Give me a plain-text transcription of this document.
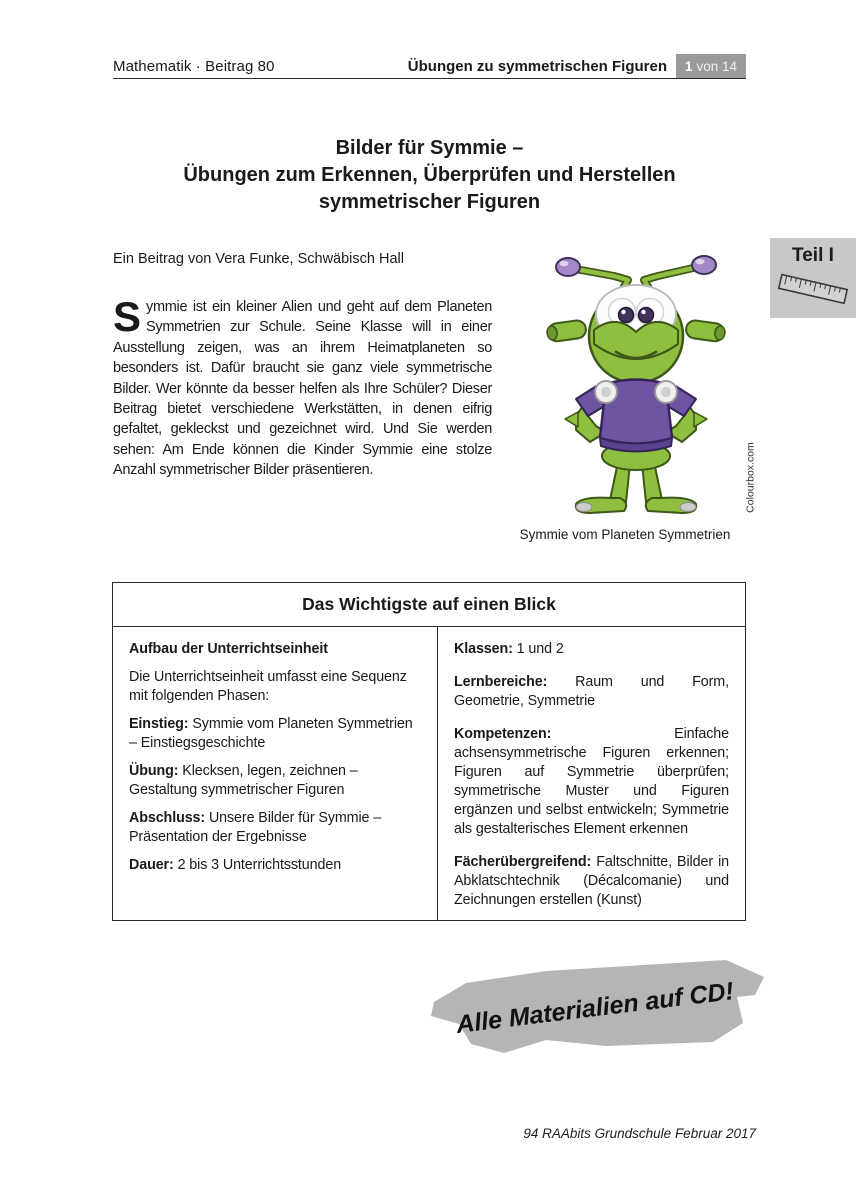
Mathematik · Beitrag 80	Übungen zu symmetrischen Figuren 1 von 14
Bilder für Symmie –
Übungen zum Erkennen, Überprüfen und Herstellen
symmetrischer Figuren
Ein Beitrag von Vera Funke, Schwäbisch Hall

Symmie ist ein kleiner Alien und geht auf dem Planeten Symmetrien zur Schule. Seine Klasse will in einer Ausstellung zeigen, was an ihrem Heimatplaneten so besonders ist. Dafür braucht sie ganz viele symmetrische Bilder. Wer könnte da besser helfen als Ihre Schüler? Dieser Beitrag bietet verschiedene Werkstätten, in denen eifrig gefaltet, gekleckst und gezeichnet wird. Und Sie werden sehen: Am Ende können die Kinder Symmie eine stolze Anzahl symmetrischer Bilder präsentieren.

Symmie vom Planeten Symmetrien
Colourbox.com
Teil I
Das Wichtigste auf einen Blick

Aufbau der Unterrichtseinheit

Die Unterrichtseinheit umfasst eine Sequenz mit folgenden Phasen:

Einstieg: Symmie vom Planeten Symmetrien – Einstiegsgeschichte

Übung: Klecksen, legen, zeichnen – Gestaltung symmetrischer Figuren

Abschluss: Unsere Bilder für Symmie – Präsentation der Ergebnisse

Dauer: 2 bis 3 Unterrichtsstunden

Klassen: 1 und 2

Lernbereiche: Raum und Form, Geometrie, Symmetrie

Kompetenzen:	Einfache achsensymmetrische Figuren erkennen; Figuren auf Symmetrie überprüfen; symmetrische Muster und Figuren ergänzen und selbst entwickeln; Symmetrie als gestalterisches Element erkennen

Fächerübergreifend: Faltschnitte, Bilder in Abklatschtechnik (Décalcomanie) und Zeichnungen erstellen (Kunst)

Alle Materialien auf CD!
94 RAAbits Grundschule Februar 2017
